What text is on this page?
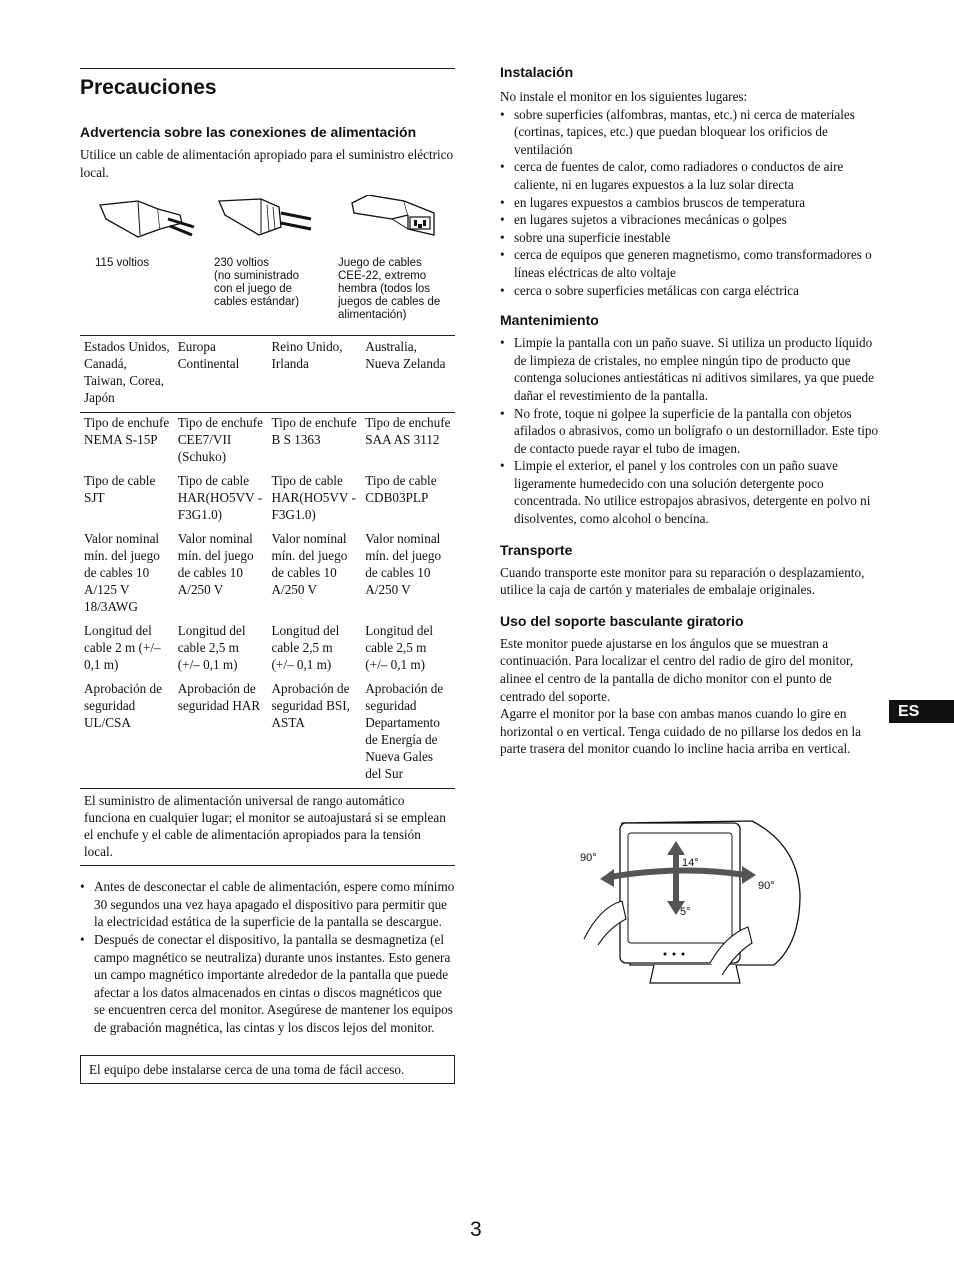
Precauciones
Advertencia sobre las conexiones de alimentación

Utilice un cable de alimentación apropiado para el suministro eléctrico local.

115 voltios	230 voltios
(no suministrado
con el juego de
cables estándar)
Juego de cables
CEE-22, extremo
hembra (todos los
juegos de cables de
alimentación)
Estados Unidos, Canadá, Taiwan, Corea, Japón	Europa Continental	Reino Unido, Irlanda	Australia, Nueva Zelanda
Tipo de enchufe NEMA S-15P	Tipo de enchufe CEE7/VII (Schuko)	Tipo de enchufe B S 1363	Tipo de enchufe SAA AS 3112
Tipo de cable SJT	Tipo de cable HAR(HO5VV -F3G1.0)	Tipo de cable HAR(HO5VV -F3G1.0)	Tipo de cable CDB03PLP
Valor nominal mín. del juego de cables 10 A/125 V 18/3AWG	Valor nominal mín. del juego de cables 10 A/250 V	Valor nominal mín. del juego de cables 10 A/250 V	Valor nominal mín. del juego de cables 10 A/250 V
Longitud del cable 2 m (+/– 0,1 m)	Longitud del cable 2,5 m (+/– 0,1 m)	Longitud del cable 2,5 m (+/– 0,1 m)	Longitud del cable 2,5 m (+/– 0,1 m)
Aprobación de seguridad UL/CSA	Aprobación de seguridad HAR	Aprobación de seguridad BSI, ASTA	Aprobación de seguridad Departamento de Energía de Nueva Gales del Sur
El suministro de alimentación universal de rango automático funciona en cualquier lugar; el monitor se autoajustará si se emplean el enchufe y el cable de alimentación apropiados para la tensión local.
• Antes de desconectar el cable de alimentación, espere como mínimo 30 segundos una vez haya apagado el dispositivo para permitir que la electricidad estática de la superficie de la pantalla se descargue.
• Después de conectar el dispositivo, la pantalla se desmagnetiza (el campo magnético se neutraliza) durante unos instantes. Esto genera un campo magnético importante alrededor de la pantalla que puede afectar a los datos almacenados en cintas o discos magnéticos que se encuentren cerca del monitor. Asegúrese de mantener los equipos de grabación magnética, las cintas y los discos lejos del monitor.
El equipo debe instalarse cerca de una toma de fácil acceso.
Instalación

No instale el monitor en los siguientes lugares:

• sobre superficies (alfombras, mantas, etc.) ni cerca de materiales (cortinas, tapices, etc.) que puedan bloquear los orificios de ventilación
• cerca de fuentes de calor, como radiadores o conductos de aire caliente, ni en lugares expuestos a la luz solar directa
• en lugares expuestos a cambios bruscos de temperatura
• en lugares sujetos a vibraciones mecánicas o golpes
• sobre una superficie inestable
• cerca de equipos que generen magnetismo, como transformadores o líneas eléctricas de alto voltaje
• cerca o sobre superficies metálicas con carga eléctrica
Mantenimiento
• Limpie la pantalla con un paño suave. Si utiliza un producto líquido de limpieza de cristales, no emplee ningún tipo de producto que contenga soluciones antiestáticas ni aditivos similares, ya que puede dañar el revestimiento de la pantalla.
• No frote, toque ni golpee la superficie de la pantalla con objetos afilados o abrasivos, como un bolígrafo o un destornillador. Este tipo de contacto puede rayar el tubo de imagen.
• Limpie el exterior, el panel y los controles con un paño suave ligeramente humedecido con una solución detergente poco concentrada. No utilice estropajos abrasivos, detergente en polvo ni disolventes, como alcohol o bencina.
Transporte

Cuando transporte este monitor para su reparación o desplazamiento, utilice la caja de cartón y materiales de embalaje originales.

Uso del soporte basculante giratorio

Este monitor puede ajustarse en los ángulos que se muestran a continuación. Para localizar el centro del radio de giro del monitor, alinee el centro de la pantalla de dicho monitor con el punto de centrado del soporte.

Agarre el monitor por la base con ambas manos cuando lo gire en horizontal o en vertical. Tenga cuidado de no pillarse los dedos en la parte trasera del monitor cuando lo incline hacia arriba en vertical.

90°
90°
14°
5°
ES
3
